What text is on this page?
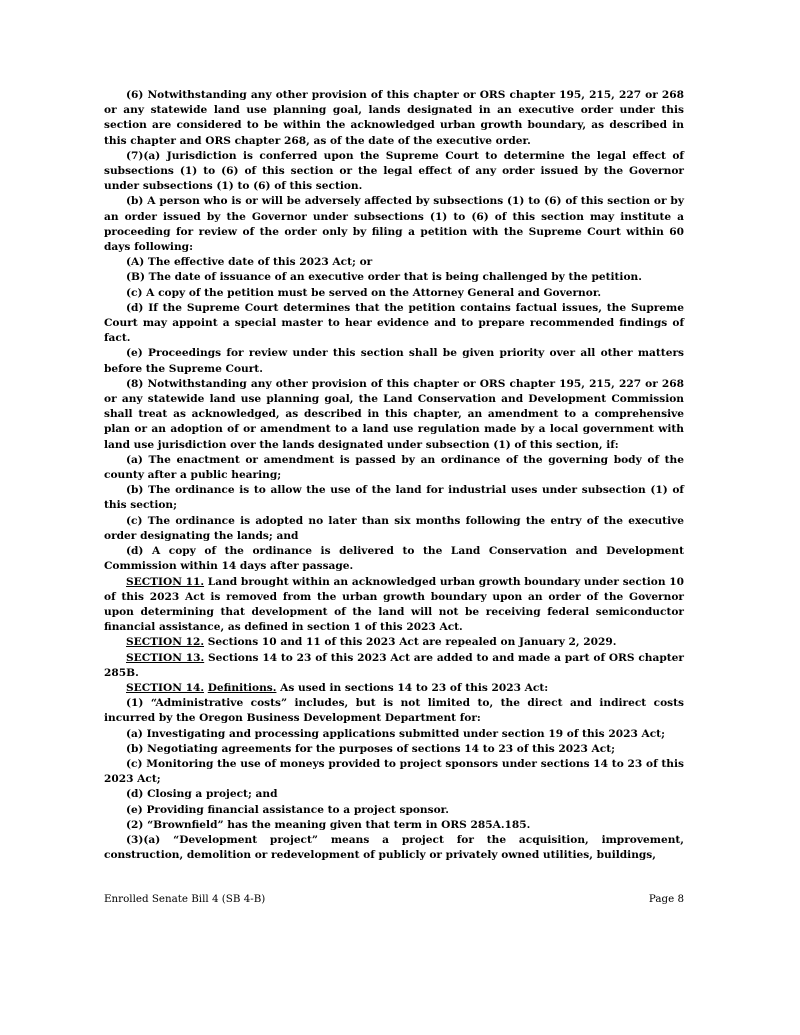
(6) Notwithstanding any other provision of this chapter or ORS chapter 195, 215, 227 or 268 or any statewide land use planning goal, lands designated in an executive order under this section are considered to be within the acknowledged urban growth boundary, as described in this chapter and ORS chapter 268, as of the date of the executive order.

(7)(a) Jurisdiction is conferred upon the Supreme Court to determine the legal effect of subsections (1) to (6) of this section or the legal effect of any order issued by the Governor under subsections (1) to (6) of this section.

(b) A person who is or will be adversely affected by subsections (1) to (6) of this section or by an order issued by the Governor under subsections (1) to (6) of this section may institute a proceeding for review of the order only by filing a petition with the Supreme Court within 60 days following:

(A) The effective date of this 2023 Act; or

(B) The date of issuance of an executive order that is being challenged by the petition.

(c) A copy of the petition must be served on the Attorney General and Governor.

(d) If the Supreme Court determines that the petition contains factual issues, the Supreme Court may appoint a special master to hear evidence and to prepare recommended findings of fact.

(e) Proceedings for review under this section shall be given priority over all other matters before the Supreme Court.

(8) Notwithstanding any other provision of this chapter or ORS chapter 195, 215, 227 or 268 or any statewide land use planning goal, the Land Conservation and Development Commission shall treat as acknowledged, as described in this chapter, an amendment to a comprehensive plan or an adoption of or amendment to a land use regulation made by a local government with land use jurisdiction over the lands designated under subsection (1) of this section, if:

(a) The enactment or amendment is passed by an ordinance of the governing body of the county after a public hearing;

(b) The ordinance is to allow the use of the land for industrial uses under subsection (1) of this section;

(c) The ordinance is adopted no later than six months following the entry of the executive order designating the lands; and

(d) A copy of the ordinance is delivered to the Land Conservation and Development Commission within 14 days after passage.

SECTION 11. Land brought within an acknowledged urban growth boundary under section 10 of this 2023 Act is removed from the urban growth boundary upon an order of the Governor upon determining that development of the land will not be receiving federal semiconductor financial assistance, as defined in section 1 of this 2023 Act.

SECTION 12. Sections 10 and 11 of this 2023 Act are repealed on January 2, 2029.

SECTION 13. Sections 14 to 23 of this 2023 Act are added to and made a part of ORS chapter 285B.

SECTION 14. Definitions. As used in sections 14 to 23 of this 2023 Act:

(1) “Administrative costs” includes, but is not limited to, the direct and indirect costs incurred by the Oregon Business Development Department for:

(a) Investigating and processing applications submitted under section 19 of this 2023 Act;

(b) Negotiating agreements for the purposes of sections 14 to 23 of this 2023 Act;

(c) Monitoring the use of moneys provided to project sponsors under sections 14 to 23 of this 2023 Act;

(d) Closing a project; and

(e) Providing financial assistance to a project sponsor.

(2) “Brownfield” has the meaning given that term in ORS 285A.185.

(3)(a) “Development project” means a project for the acquisition, improvement, construction, demolition or redevelopment of publicly or privately owned utilities, buildings,

Enrolled Senate Bill 4 (SB 4-B)	Page 8
